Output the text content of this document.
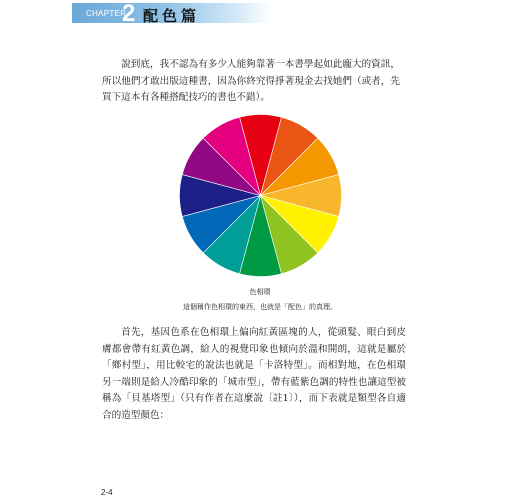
CHAPTER
2 配色篇

說到底，我不認為有多少人能夠靠著一本書學起如此龐大的資訊，所以他們才敢出版這種書，因為你終究得掙著現金去找她們（或者，先買下這本有各種搭配技巧的書也不錯）。

色相環
這個稱作色相環的東西，也就是「配色」的真理。

首先，基因色系在色相環上偏向紅黃區塊的人，從頭髮、眼白到皮膚都會帶有紅黃色調，給人的視覺印象也傾向於溫和開朗，這就是屬於「鄉村型」，用比較宅的說法也就是「卡洛特型」。而相對地，在色相環另一端則是給人冷酷印象的「城市型」，帶有藍紫色調的特性也讓這型被稱為「貝基塔型」（只有作者在這麼說〔註1〕），而下表就是類型各自適合的造型顏色：

2-4
